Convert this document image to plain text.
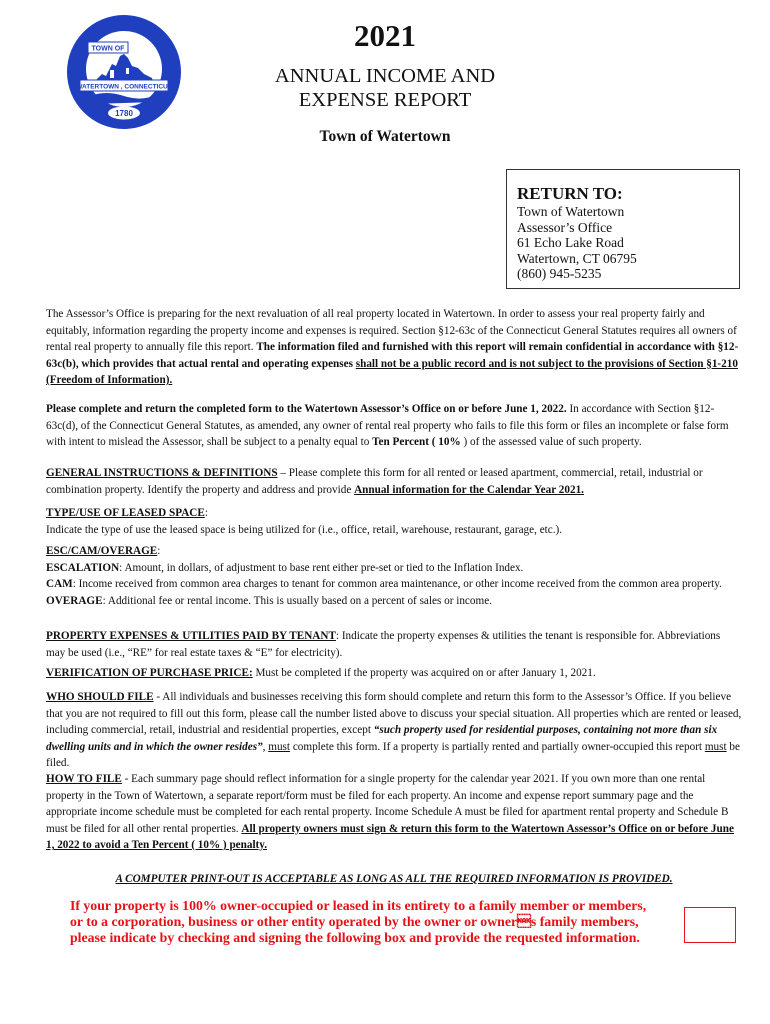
TOWN OF
WATERTOWN , CONNECTICUT
1780
2021
ANNUAL INCOME AND
EXPENSE REPORT
Town of Watertown
RETURN TO:
Town of Watertown
Assessor’s Office
61 Echo Lake Road
Watertown, CT 06795
(860) 945-5235
The Assessor’s Office is preparing for the next revaluation of all real property located in Watertown. In order to assess your real property fairly and equitably, information regarding the property income and expenses is required. Section §12-63c of the Connecticut General Statutes requires all owners of rental real property to annually file this report. The information filed and furnished with this report will remain confidential in accordance with §12-63c(b), which provides that actual rental and operating expenses shall not be a public record and is not subject to the provisions of Section §1-210 (Freedom of Information).
Please complete and return the completed form to the Watertown Assessor’s Office on or before June 1, 2022. In accordance with Section §12-63c(d), of the Connecticut General Statutes, as amended, any owner of rental real property who fails to file this form or files an incomplete or false form with intent to mislead the Assessor, shall be subject to a penalty equal to Ten Percent ( 10% ) of the assessed value of such property.
GENERAL INSTRUCTIONS & DEFINITIONS – Please complete this form for all rented or leased apartment, commercial, retail, industrial or combination property. Identify the property and address and provide Annual information for the Calendar Year 2021.
TYPE/USE OF LEASED SPACE:
Indicate the type of use the leased space is being utilized for (i.e., office, retail, warehouse, restaurant, garage, etc.).
ESC/CAM/OVERAGE:
ESCALATION: Amount, in dollars, of adjustment to base rent either pre-set or tied to the Inflation Index.
CAM: Income received from common area charges to tenant for common area maintenance, or other income received from the common area property.
OVERAGE: Additional fee or rental income. This is usually based on a percent of sales or income.
PROPERTY EXPENSES & UTILITIES PAID BY TENANT: Indicate the property expenses & utilities the tenant is responsible for. Abbreviations may be used (i.e., “RE” for real estate taxes & “E” for electricity).
VERIFICATION OF PURCHASE PRICE: Must be completed if the property was acquired on or after January 1, 2021.
WHO SHOULD FILE - All individuals and businesses receiving this form should complete and return this form to the Assessor’s Office. If you believe that you are not required to fill out this form, please call the number listed above to discuss your special situation. All properties which are rented or leased, including commercial, retail, industrial and residential properties, except “such property used for residential purposes, containing not more than six dwelling units and in which the owner resides”, must complete this form. If a property is partially rented and partially owner-occupied this report must be filed.
HOW TO FILE - Each summary page should reflect information for a single property for the calendar year 2021. If you own more than one rental property in the Town of Watertown, a separate report/form must be filed for each property. An income and expense report summary page and the appropriate income schedule must be completed for each rental property. Income Schedule A must be filed for apartment rental property and Schedule B must be filed for all other rental properties. All property owners must sign & return this form to the Watertown Assessor’s Office on or before June 1, 2022 to avoid a Ten Percent ( 10% ) penalty.
A COMPUTER PRINT-OUT IS ACCEPTABLE AS LONG AS ALL THE REQUIRED INFORMATION IS PROVIDED.
If your property is 100% owner-occupied or leased in its entirety to a family member or members,
or to a corporation, business or other entity operated by the owner or owners family members,
please indicate by checking and signing the following box and provide the requested information.
